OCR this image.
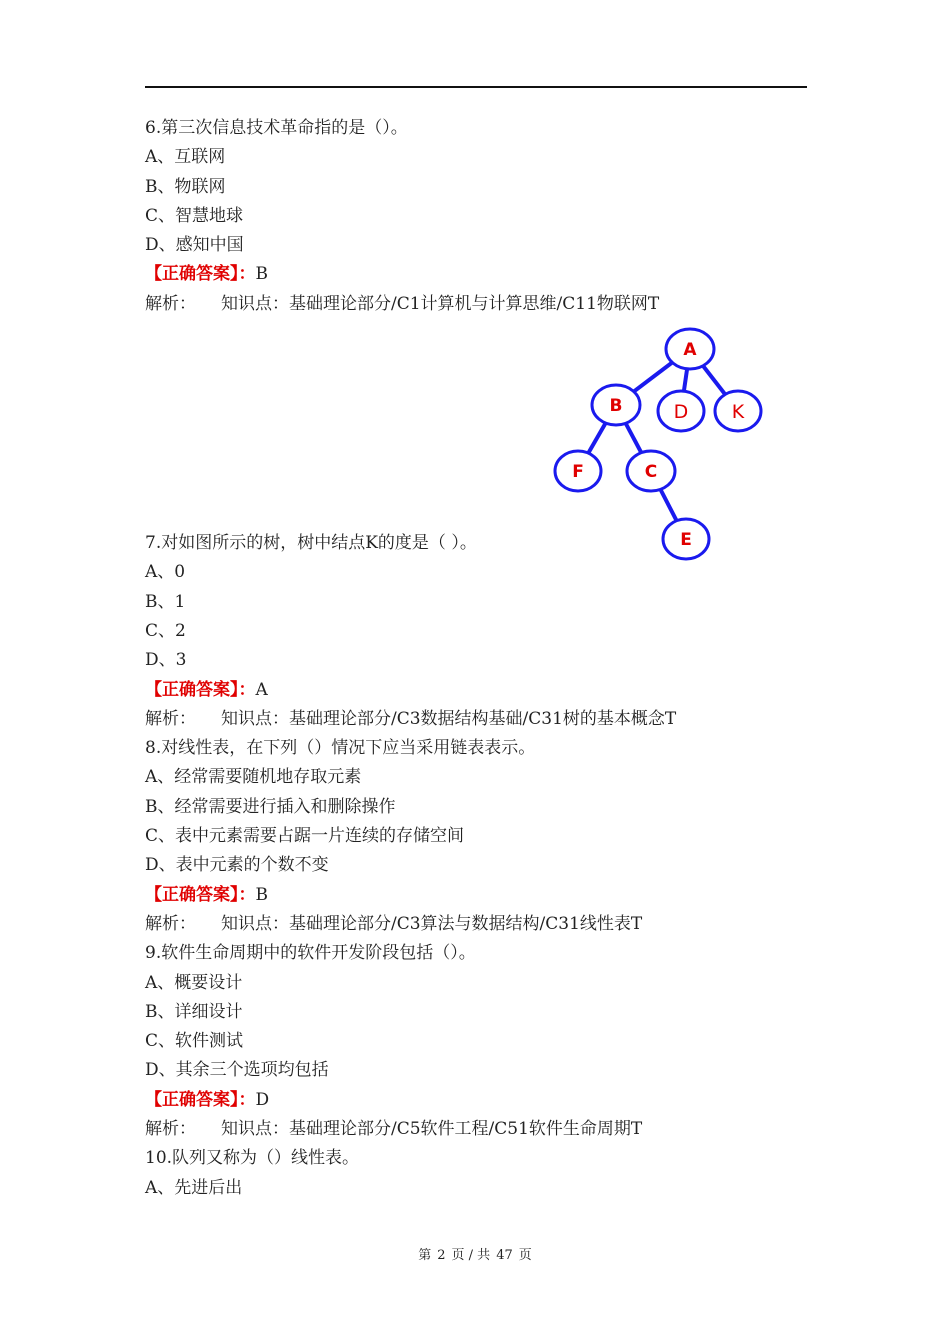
6.第三次信息技术革命指的是（）。
A、互联网
B、物联网
C、智慧地球
D、感知中国
【正确答案】：B
解析： 知识点：基础理论部分/C1计算机与计算思维/C11物联网T
7.对如图所示的树，树中结点K的度是（ ）。
A、0
B、1
C、2
D、3
【正确答案】：A
解析： 知识点：基础理论部分/C3数据结构基础/C31树的基本概念T
8.对线性表，在下列（）情况下应当采用链表表示。
A、经常需要随机地存取元素
B、经常需要进行插入和删除操作
C、表中元素需要占踞一片连续的存储空间
D、表中元素的个数不变
【正确答案】：B
解析： 知识点：基础理论部分/C3算法与数据结构/C31线性表T
9.软件生命周期中的软件开发阶段包括（）。
A、概要设计
B、详细设计
C、软件测试
D、其余三个选项均包括
【正确答案】：D
解析： 知识点：基础理论部分/C5软件工程/C51软件生命周期T
10.队列又称为（）线性表。
A、先进后出
A
B	D K
F	C
E
第 2 页 / 共 47 页
